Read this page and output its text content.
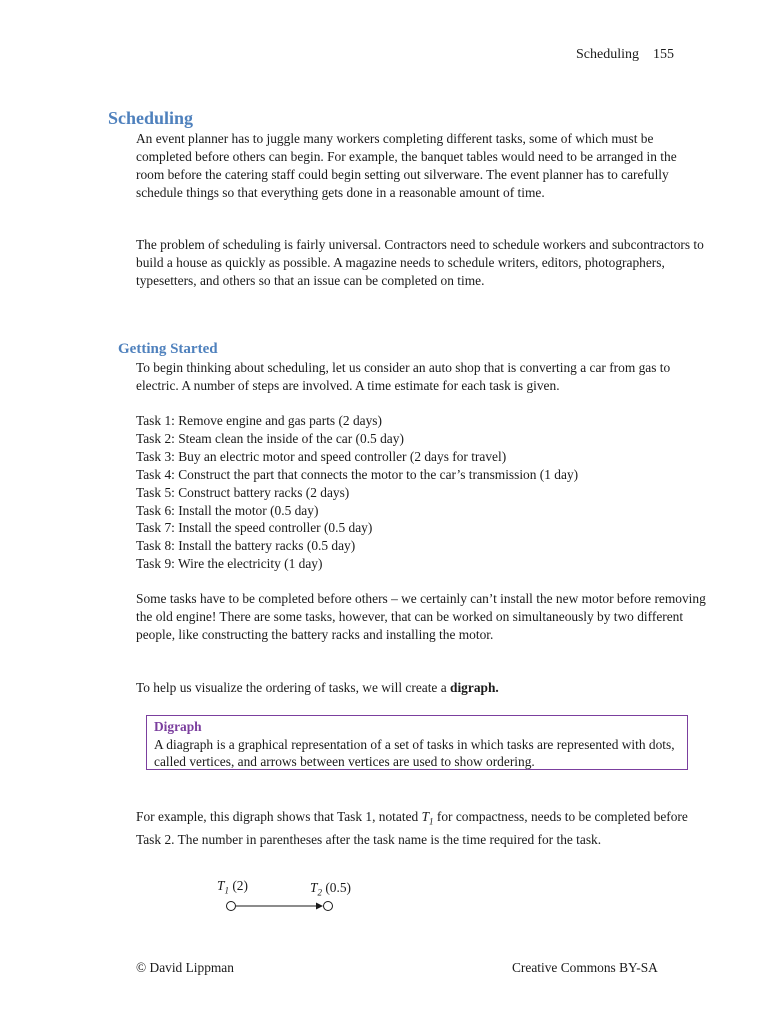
Scheduling 155
Scheduling

An event planner has to juggle many workers completing different tasks, some of which must be completed before others can begin. For example, the banquet tables would need to be arranged in the room before the catering staff could begin setting out silverware. The event planner has to carefully schedule things so that everything gets done in a reasonable amount of time.

The problem of scheduling is fairly universal. Contractors need to schedule workers and subcontractors to build a house as quickly as possible. A magazine needs to schedule writers, editors, photographers, typesetters, and others so that an issue can be completed on time.

Getting Started

To begin thinking about scheduling, let us consider an auto shop that is converting a car from gas to electric. A number of steps are involved. A time estimate for each task is given.

Task 1: Remove engine and gas parts (2 days)
Task 2: Steam clean the inside of the car (0.5 day)
Task 3: Buy an electric motor and speed controller (2 days for travel)
Task 4: Construct the part that connects the motor to the car’s transmission (1 day)
Task 5: Construct battery racks (2 days)
Task 6: Install the motor (0.5 day)
Task 7: Install the speed controller (0.5 day)
Task 8: Install the battery racks (0.5 day)
Task 9: Wire the electricity (1 day)

Some tasks have to be completed before others – we certainly can’t install the new motor before removing the old engine! There are some tasks, however, that can be worked on simultaneously by two different people, like constructing the battery racks and installing the motor.

To help us visualize the ordering of tasks, we will create a digraph.

Digraph
A diagraph is a graphical representation of a set of tasks in which tasks are represented with dots, called vertices, and arrows between vertices are used to show ordering.

For example, this digraph shows that Task 1, notated $T_1$ for compactness, needs to be completed before Task 2. The number in parentheses after the task name is the time required for the task.

$T_1$ (2)	$T_2$ (0.5)
© David Lippman	Creative Commons BY-SA
